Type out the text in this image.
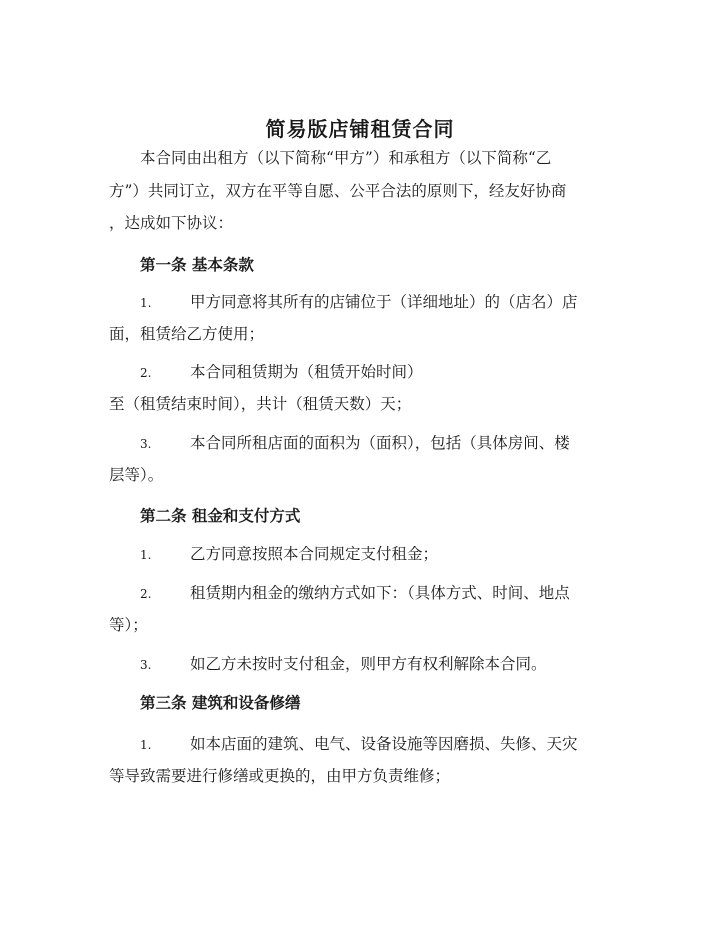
简易版店铺租赁合同
本合同由出租方（以下简称“甲方”）和承租方（以下简称“乙
方”）共同订立，双方在平等自愿、公平合法的原则下，经友好协商
，达成如下协议：
第一条 基本条款
1. 甲方同意将其所有的店铺位于（详细地址）的（店名）店
面，租赁给乙方使用；
2. 本合同租赁期为（租赁开始时间）
至（租赁结束时间），共计（租赁天数）天；
3. 本合同所租店面的面积为（面积），包括（具体房间、楼
层等）。
第二条 租金和支付方式
1. 乙方同意按照本合同规定支付租金；
2. 租赁期内租金的缴纳方式如下：（具体方式、时间、地点
等）；
3. 如乙方未按时支付租金，则甲方有权利解除本合同。
第三条 建筑和设备修缮
1. 如本店面的建筑、电气、设备设施等因磨损、失修、天灾
等导致需要进行修缮或更换的，由甲方负责维修；
